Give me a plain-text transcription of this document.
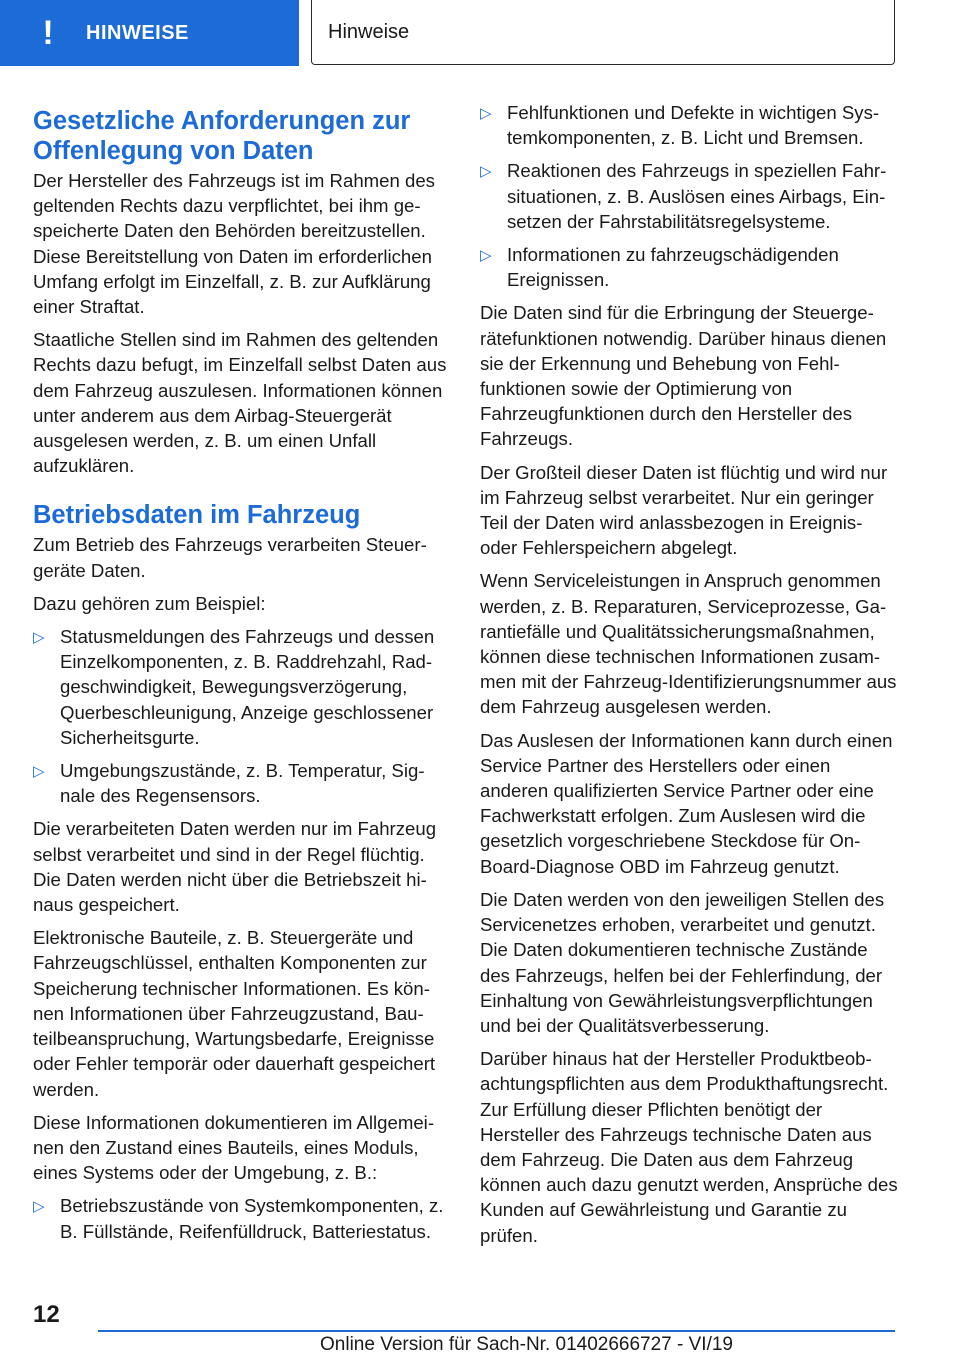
!	HINWEISE	Hinweise
Gesetzliche Anforderungen zur Offenlegung von Daten

Der Hersteller des Fahrzeugs ist im Rahmen des geltenden Rechts dazu verpflichtet, bei ihm gespeicherte Daten den Behörden bereitzustellen. Diese Bereitstellung von Daten im erforderlichen Umfang erfolgt im Einzelfall, z. B. zur Aufklärung einer Straftat.

Staatliche Stellen sind im Rahmen des geltenden Rechts dazu befugt, im Einzelfall selbst Daten aus dem Fahrzeug auszulesen. Informationen können unter anderem aus dem Airbag-Steuergerät ausgelesen werden, z. B. um einen Unfall aufzuklären.

Betriebsdaten im Fahrzeug

Zum Betrieb des Fahrzeugs verarbeiten Steuergeräte Daten.

Dazu gehören zum Beispiel:

▷ Statusmeldungen des Fahrzeugs und dessen Einzelkomponenten, z. B. Raddrehzahl, Radgeschwindigkeit, Bewegungsverzögerung, Querbeschleunigung, Anzeige geschlossener Sicherheitsgurte.
▷ Umgebungszustände, z. B. Temperatur, Signale des Regensensors.

Die verarbeiteten Daten werden nur im Fahrzeug selbst verarbeitet und sind in der Regel flüchtig. Die Daten werden nicht über die Betriebszeit hinaus gespeichert.

Elektronische Bauteile, z. B. Steuergeräte und Fahrzeugschlüssel, enthalten Komponenten zur Speicherung technischer Informationen. Es können Informationen über Fahrzeugzustand, Bauteilbeanspruchung, Wartungsbedarfe, Ereignisse oder Fehler temporär oder dauerhaft gespeichert werden.

Diese Informationen dokumentieren im Allgemeinen den Zustand eines Bauteils, eines Moduls, eines Systems oder der Umgebung, z. B.:

▷ Betriebszustände von Systemkomponenten, z. B. Füllstände, Reifenfülldruck, Batteriestatus.
▷ Fehlfunktionen und Defekte in wichtigen Systemkomponenten, z. B. Licht und Bremsen.
▷ Reaktionen des Fahrzeugs in speziellen Fahrsituationen, z. B. Auslösen eines Airbags, Einsetzen der Fahrstabilitätsregelsysteme.
▷ Informationen zu fahrzeugschädigenden Ereignissen.

Die Daten sind für die Erbringung der Steuergerätefunktionen notwendig. Darüber hinaus dienen sie der Erkennung und Behebung von Fehlfunktionen sowie der Optimierung von Fahrzeugfunktionen durch den Hersteller des Fahrzeugs.

Der Großteil dieser Daten ist flüchtig und wird nur im Fahrzeug selbst verarbeitet. Nur ein geringer Teil der Daten wird anlassbezogen in Ereignis- oder Fehlerspeichern abgelegt.

Wenn Serviceleistungen in Anspruch genommen werden, z. B. Reparaturen, Serviceprozesse, Garantiefälle und Qualitätssicherungsmaßnahmen, können diese technischen Informationen zusammen mit der Fahrzeug-Identifizierungsnummer aus dem Fahrzeug ausgelesen werden.

Das Auslesen der Informationen kann durch einen Service Partner des Herstellers oder einen anderen qualifizierten Service Partner oder eine Fachwerkstatt erfolgen. Zum Auslesen wird die gesetzlich vorgeschriebene Steckdose für On-Board-Diagnose OBD im Fahrzeug genutzt.

Die Daten werden von den jeweiligen Stellen des Servicenetzes erhoben, verarbeitet und genutzt. Die Daten dokumentieren technische Zustände des Fahrzeugs, helfen bei der Fehlerfindung, der Einhaltung von Gewährleistungsverpflichtungen und bei der Qualitätsverbesserung.

Darüber hinaus hat der Hersteller Produktbeobachtungspflichten aus dem Produkthaftungsrecht. Zur Erfüllung dieser Pflichten benötigt der Hersteller des Fahrzeugs technische Daten aus dem Fahrzeug. Die Daten aus dem Fahrzeug können auch dazu genutzt werden, Ansprüche des Kunden auf Gewährleistung und Garantie zu prüfen.

12
Online Version für Sach-Nr. 01402666727 - VI/19
